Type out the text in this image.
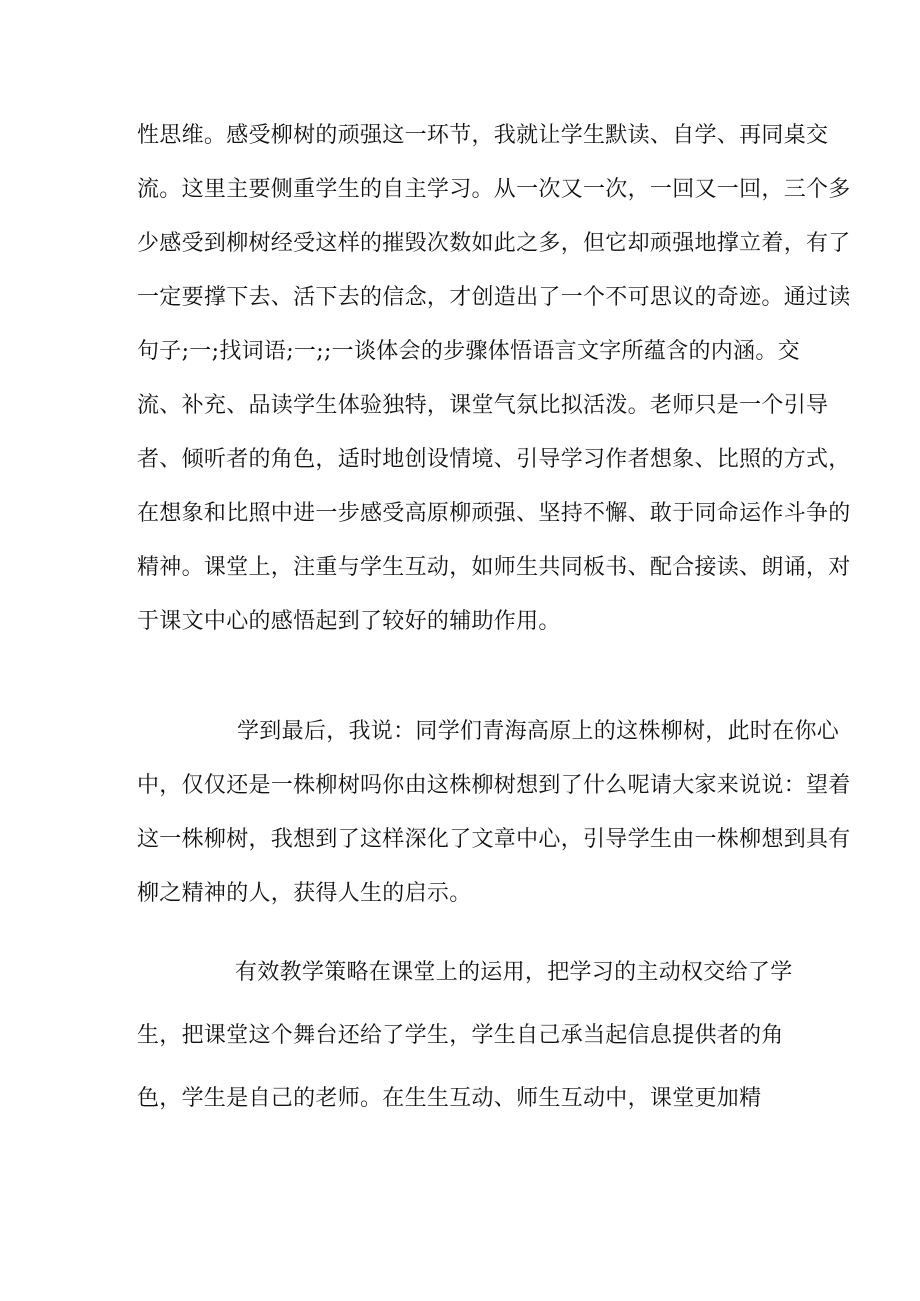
性思维。感受柳树的顽强这一环节，我就让学生默读、自学、再同桌交
流。这里主要侧重学生的自主学习。从一次又一次，一回又一回，三个多
少感受到柳树经受这样的摧毁次数如此之多，但它却顽强地撑立着，有了
一定要撑下去、活下去的信念，才创造出了一个不可思议的奇迹。通过读
句子;一;找词语;一;;一谈体会的步骤体悟语言文字所蕴含的内涵。交
流、补充、品读学生体验独特，课堂气氛比拟活泼。老师只是一个引导
者、倾听者的角色，适时地创设情境、引导学习作者想象、比照的方式，
在想象和比照中进一步感受高原柳顽强、坚持不懈、敢于同命运作斗争的
精神。课堂上，注重与学生互动，如师生共同板书、配合接读、朗诵，对
于课文中心的感悟起到了较好的辅助作用。
学到最后，我说：同学们青海高原上的这株柳树，此时在你心
中，仅仅还是一株柳树吗你由这株柳树想到了什么呢请大家来说说：望着
这一株柳树，我想到了这样深化了文章中心，引导学生由一株柳想到具有
柳之精神的人，获得人生的启示。
有效教学策略在课堂上的运用，把学习的主动权交给了学
生，把课堂这个舞台还给了学生，学生自己承当起信息提供者的角
色，学生是自己的老师。在生生互动、师生互动中，课堂更加精
